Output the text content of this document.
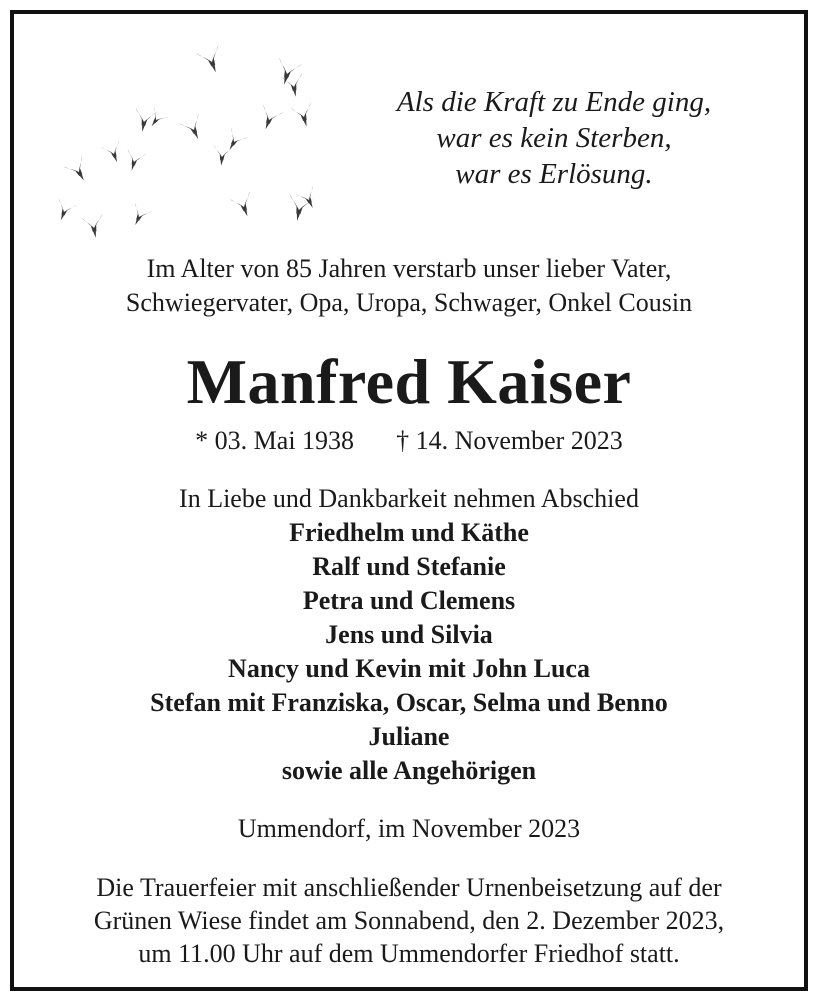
Als die Kraft zu Ende ging,
war es kein Sterben,
war es Erlösung.
Im Alter von 85 Jahren verstarb unser lieber Vater,
Schwiegervater, Opa, Uropa, Schwager, Onkel Cousin
Manfred Kaiser
* 03. Mai 1938 † 14. November 2023
In Liebe und Dankbarkeit nehmen Abschied
Friedhelm und Käthe
Ralf und Stefanie
Petra und Clemens
Jens und Silvia
Nancy und Kevin mit John Luca
Stefan mit Franziska, Oscar, Selma und Benno
Juliane
sowie alle Angehörigen
Ummendorf, im November 2023
Die Trauerfeier mit anschließender Urnenbeisetzung auf der
Grünen Wiese findet am Sonnabend, den 2. Dezember 2023,
um 11.00 Uhr auf dem Ummendorfer Friedhof statt.
